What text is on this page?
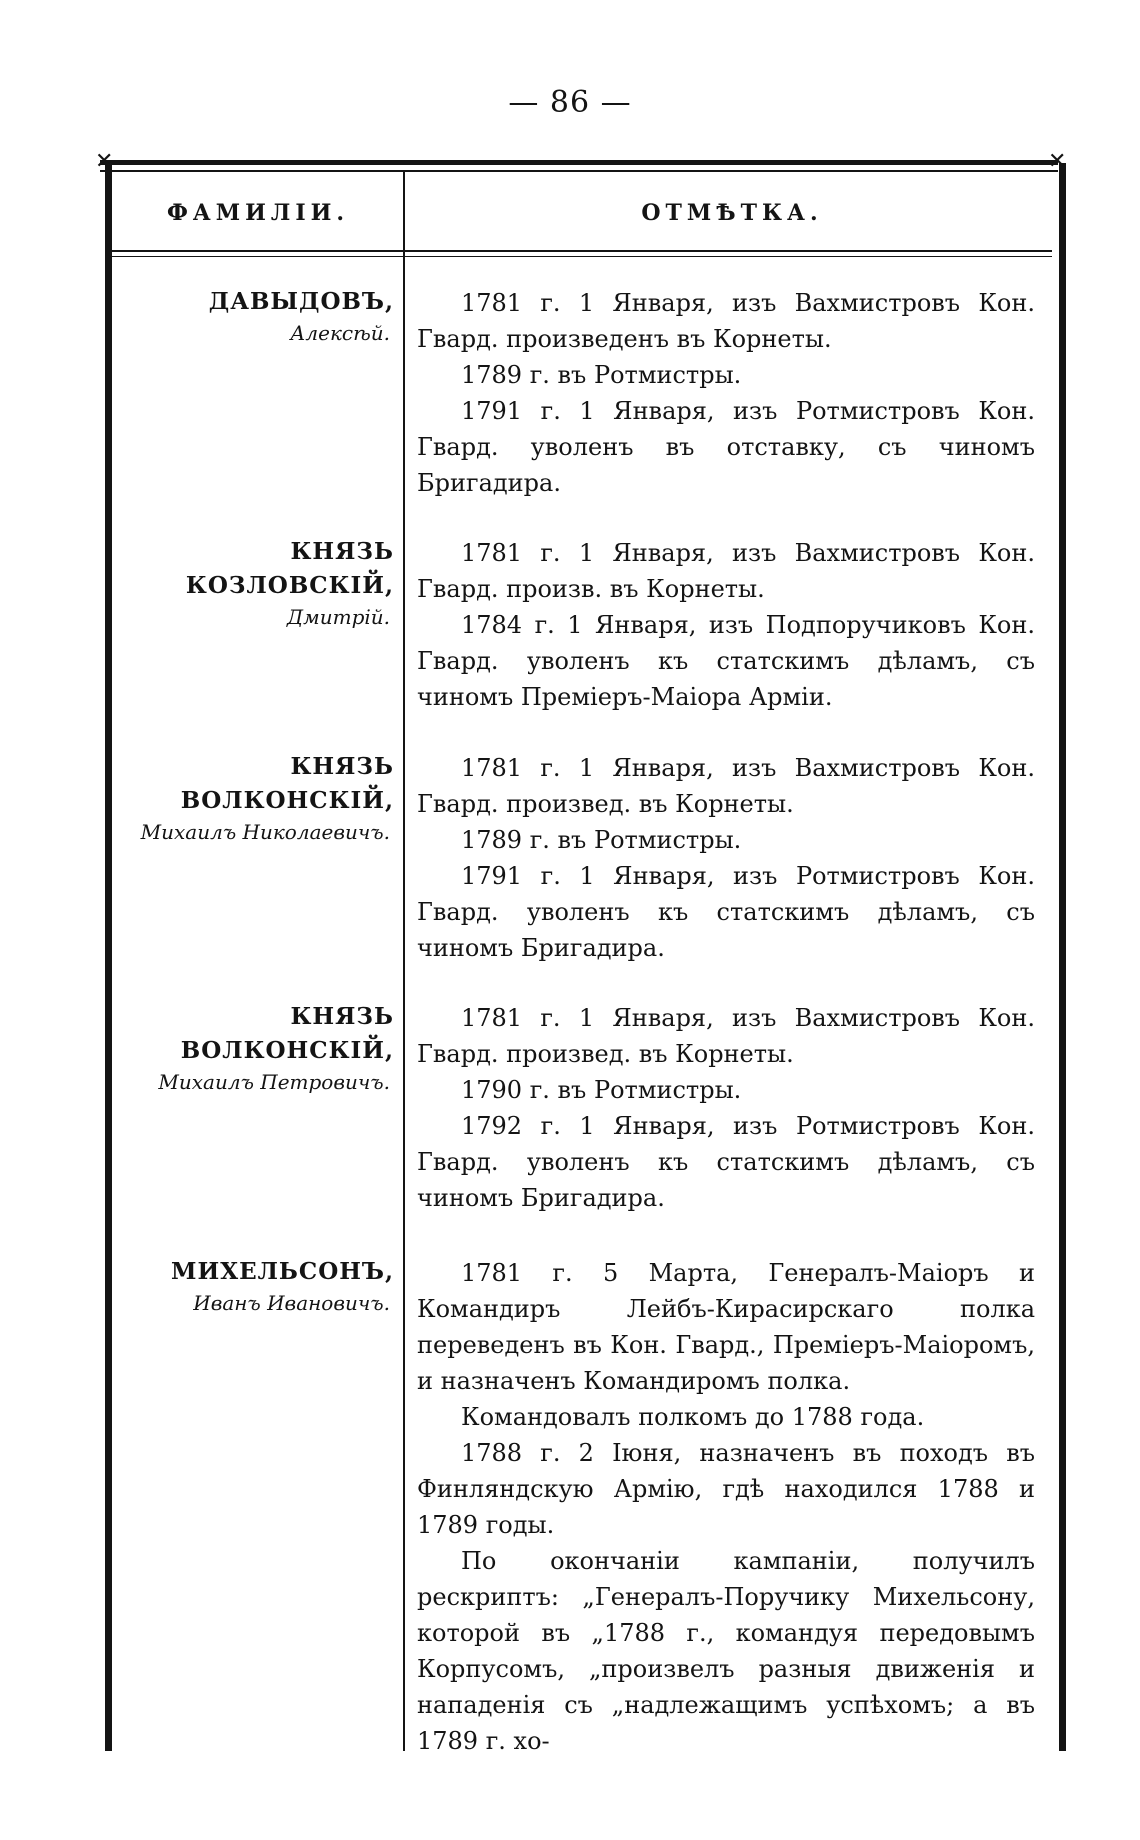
— 86 —
✕	✕
ФАМИЛІИ.	ОТМѢТКА.
ДАВЫДОВЪ,
Алексѣй.

1781 г. 1 Января, изъ Вахмистровъ Кон. Гвард. произведенъ въ Корнеты.

1789 г. въ Ротмистры.

1791 г. 1 Января, изъ Ротмистровъ Кон. Гвард. уволенъ въ отставку, съ чиномъ Бригадира.

КНЯЗЬ КОЗЛОВСКІЙ,
Дмитрій.

1781 г. 1 Января, изъ Вахмистровъ Кон. Гвард. произв. въ Корнеты.

1784 г. 1 Января, изъ Подпоручиковъ Кон. Гвард. уволенъ къ статскимъ дѣламъ, съ чиномъ Премiеръ-Маiора Армiи.

КНЯЗЬ ВОЛКОНСКІЙ,
Михаилъ Николаевичъ.

1781 г. 1 Января, изъ Вахмистровъ Кон. Гвард. произвед. въ Корнеты.

1789 г. въ Ротмистры.

1791 г. 1 Января, изъ Ротмистровъ Кон. Гвард. уволенъ къ статскимъ дѣламъ, съ чиномъ Бригадира.

КНЯЗЬ ВОЛКОНСКІЙ,
Михаилъ Петровичъ.

1781 г. 1 Января, изъ Вахмистровъ Кон. Гвард. произвед. въ Корнеты.

1790 г. въ Ротмистры.

1792 г. 1 Января, изъ Ротмистровъ Кон. Гвард. уволенъ къ статскимъ дѣламъ, съ чиномъ Бригадира.

МИХЕЛЬСОНЪ,
Иванъ Ивановичъ.

1781 г. 5 Марта, Генералъ-Маiоръ и Командиръ Лейбъ-Кирасирскаго полка переведенъ въ Кон. Гвард., Премiеръ-Маiоромъ, и назначенъ Командиромъ полка.

Командовалъ полкомъ до 1788 года.

1788 г. 2 Iюня, назначенъ въ походъ въ Финляндскую Армiю, гдѣ находился 1788 и 1789 годы.

По окончанiи кампанiи, получилъ рескриптъ: „Генералъ-Поручику Михельсону, которой въ „1788 г., командуя передовымъ Корпусомъ, „произвелъ разныя движенiя и нападенiя съ „надлежащимъ успѣхомъ; а въ 1789 г. хо-
